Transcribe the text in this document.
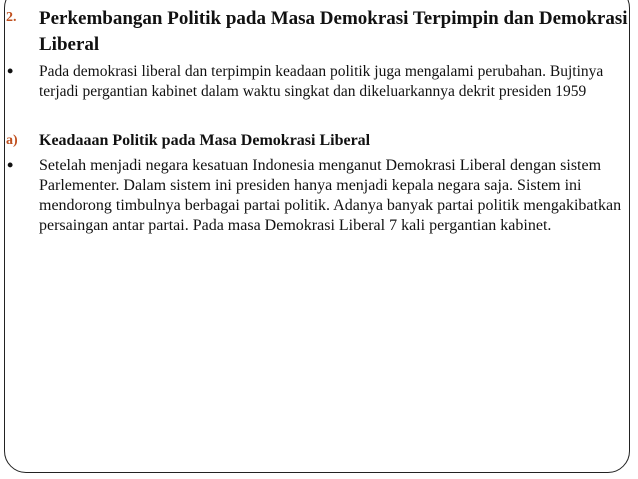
2. Perkembangan Politik pada Masa Demokrasi Terpimpin dan Demokrasi Liberal
• Pada demokrasi liberal dan terpimpin keadaan politik juga mengalami perubahan. Bujtinya terjadi pergantian kabinet dalam waktu singkat dan dikeluarkannya dekrit presiden 1959
a) Keadaaan Politik pada Masa Demokrasi Liberal
• Setelah menjadi negara kesatuan Indonesia menganut Demokrasi Liberal dengan sistem Parlementer. Dalam sistem ini presiden hanya menjadi kepala negara saja. Sistem ini mendorong timbulnya berbagai partai politik. Adanya banyak partai politik mengakibatkan persaingan antar partai. Pada masa Demokrasi Liberal 7 kali pergantian kabinet.
